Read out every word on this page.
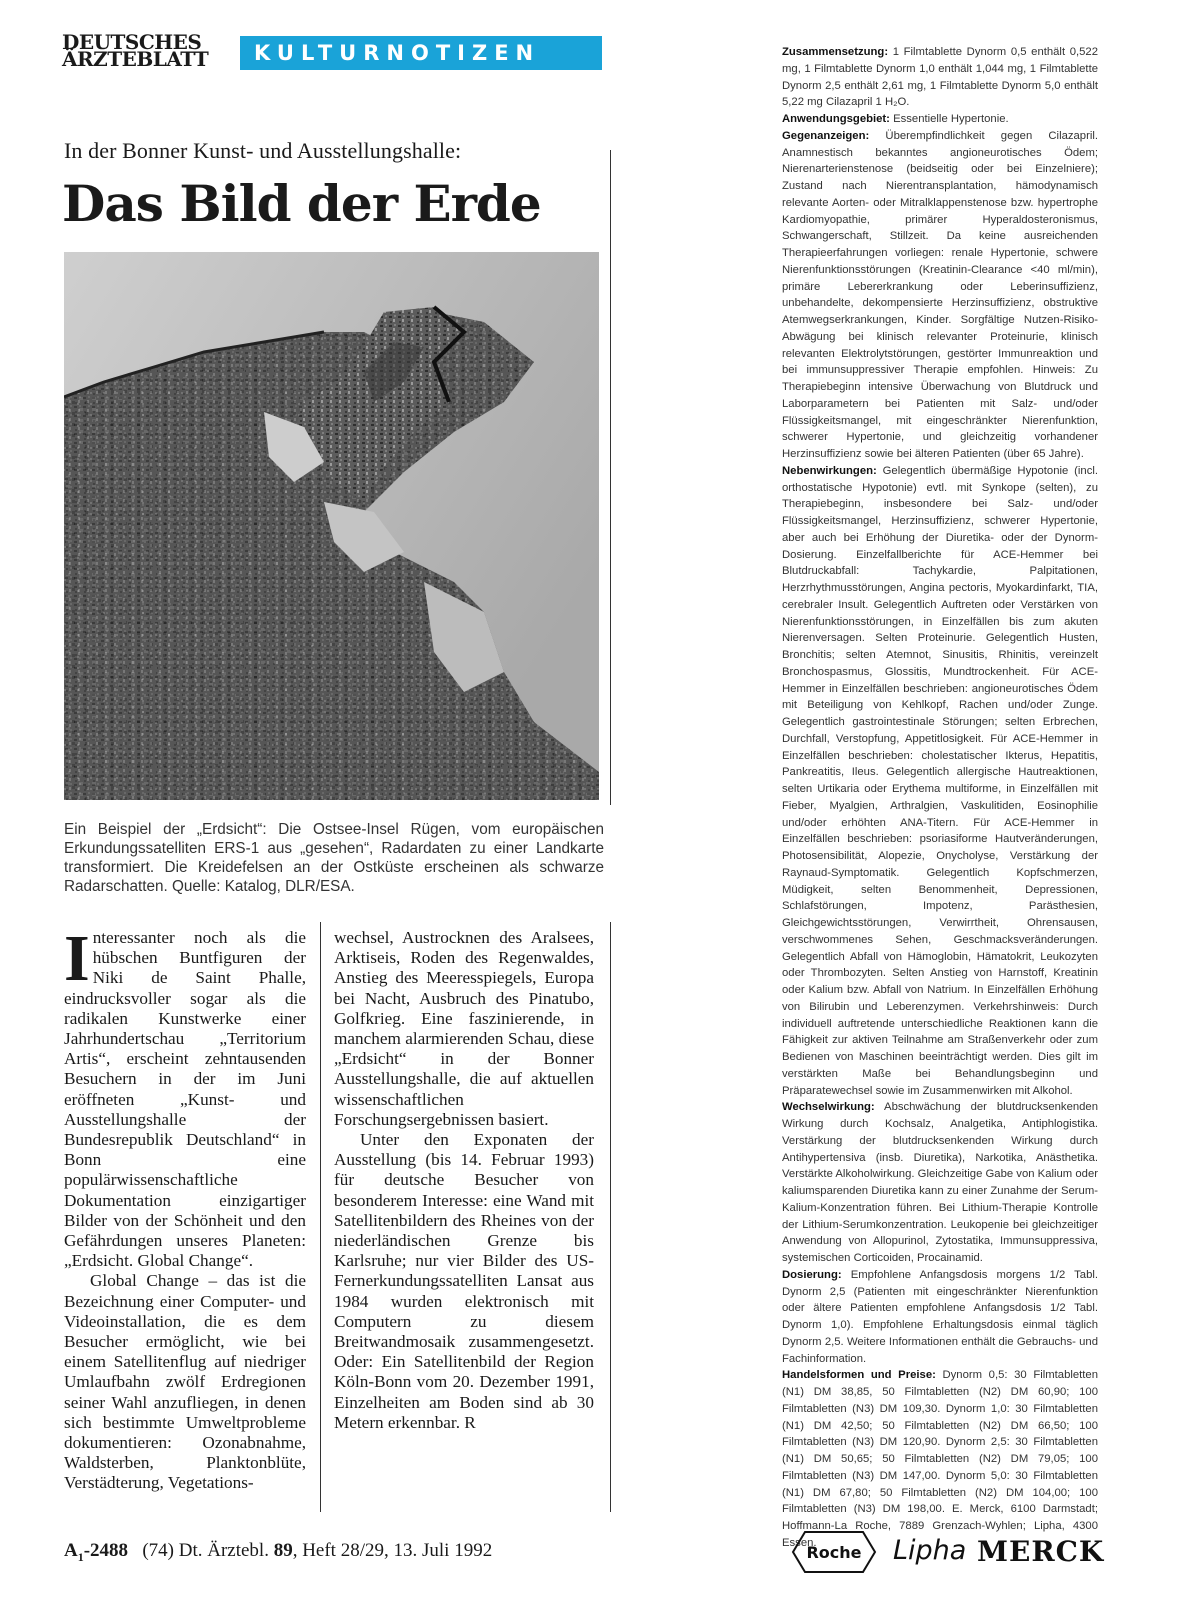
DEUTSCHES
ÄRZTEBLATT	KULTURNOTIZEN
In der Bonner Kunst- und Ausstellungshalle:
Das Bild der Erde
Ein Beispiel der „Erdsicht“: Die Ostsee-Insel Rügen, vom europäischen Erkundungssatelliten ERS-1 aus „gesehen“, Radardaten zu einer Landkarte transformiert. Die Kreidefelsen an der Ostküste erscheinen als schwarze Radarschatten. Quelle: Katalog, DLR/ESA.

Interessanter noch als die hübschen Buntfiguren der Niki de Saint Phalle, eindrucksvoller sogar als die radikalen Kunstwerke einer Jahrhundertschau „Territorium Artis“, erscheint zehntausenden Besuchern in der im Juni eröffneten „Kunst- und Ausstellungshalle der Bundesrepublik Deutschland“ in Bonn eine populärwissenschaftliche Dokumentation einzigartiger Bilder von der Schönheit und den Gefährdungen unseres Planeten: „Erdsicht. Global Change“.

Global Change – das ist die Bezeichnung einer Computer- und Videoinstallation, die es dem Besucher ermöglicht, wie bei einem Satellitenflug auf niedriger Umlaufbahn zwölf Erdregionen seiner Wahl anzufliegen, in denen sich bestimmte Umweltprobleme dokumentieren: Ozonabnahme, Waldsterben, Planktonblüte, Verstädterung, Vegetations-

wechsel, Austrocknen des Aralsees, Arktiseis, Roden des Regenwaldes, Anstieg des Meeresspiegels, Europa bei Nacht, Ausbruch des Pinatubo, Golfkrieg. Eine faszinierende, in manchem alarmierenden Schau, diese „Erdsicht“ in der Bonner Ausstellungshalle, die auf aktuellen wissenschaftlichen Forschungsergebnissen basiert.

Unter den Exponaten der Ausstellung (bis 14. Februar 1993) für deutsche Besucher von besonderem Interesse: eine Wand mit Satellitenbildern des Rheines von der niederländischen Grenze bis Karlsruhe; nur vier Bilder des US-Fernerkundungssatelliten Lansat aus 1984 wurden elektronisch mit Computern zu diesem Breitwandmosaik zusammengesetzt. Oder: Ein Satellitenbild der Region Köln-Bonn vom 20. Dezember 1991, Einzelheiten am Boden sind ab 30 Metern erkennbar. R

$A_1-2488$ (74) Dt. Ärztebl. 89, Heft 28/29, 13. Juli 1992

Zusammensetzung: 1 Filmtablette Dynorm 0,5 enthält 0,522 mg, 1 Filmtablette Dynorm 1,0 enthält 1,044 mg, 1 Filmtablette Dynorm 2,5 enthält 2,61 mg, 1 Filmtablette Dynorm 5,0 enthält 5,22 mg Cilazapril 1 H₂O.

Anwendungsgebiet: Essentielle Hypertonie.

Gegenanzeigen: Überempfindlichkeit gegen Cilazapril. Anamnestisch bekanntes angioneurotisches Ödem; Nierenarterienstenose (beidseitig oder bei Einzelniere); Zustand nach Nierentransplantation, hämodynamisch relevante Aorten- oder Mitralklappenstenose bzw. hypertrophe Kardiomyopathie, primärer Hyperaldosteronismus, Schwangerschaft, Stillzeit. Da keine ausreichenden Therapieerfahrungen vorliegen: renale Hypertonie, schwere Nierenfunktionsstörungen (Kreatinin-Clearance <40 ml/min), primäre Lebererkrankung oder Leberinsuffizienz, unbehandelte, dekompensierte Herzinsuffizienz, obstruktive Atemwegserkrankungen, Kinder. Sorgfältige Nutzen-Risiko-Abwägung bei klinisch relevanter Proteinurie, klinisch relevanten Elektrolytstörungen, gestörter Immunreaktion und bei immunsuppressiver Therapie empfohlen. Hinweis: Zu Therapiebeginn intensive Überwachung von Blutdruck und Laborparametern bei Patienten mit Salz- und/oder Flüssigkeitsmangel, mit eingeschränkter Nierenfunktion, schwerer Hypertonie, und gleichzeitig vorhandener Herzinsuffizienz sowie bei älteren Patienten (über 65 Jahre).

Nebenwirkungen: Gelegentlich übermäßige Hypotonie (incl. orthostatische Hypotonie) evtl. mit Synkope (selten), zu Therapiebeginn, insbesondere bei Salz- und/oder Flüssigkeitsmangel, Herzinsuffizienz, schwerer Hypertonie, aber auch bei Erhöhung der Diuretika- oder der Dynorm-Dosierung. Einzelfallberichte für ACE-Hemmer bei Blutdruckabfall: Tachykardie, Palpitationen, Herzrhythmusstörungen, Angina pectoris, Myokardinfarkt, TIA, cerebraler Insult. Gelegentlich Auftreten oder Verstärken von Nierenfunktionsstörungen, in Einzelfällen bis zum akuten Nierenversagen. Selten Proteinurie. Gelegentlich Husten, Bronchitis; selten Atemnot, Sinusitis, Rhinitis, vereinzelt Bronchospasmus, Glossitis, Mundtrockenheit. Für ACE-Hemmer in Einzelfällen beschrieben: angioneurotisches Ödem mit Beteiligung von Kehlkopf, Rachen und/oder Zunge. Gelegentlich gastrointestinale Störungen; selten Erbrechen, Durchfall, Verstopfung, Appetitlosigkeit. Für ACE-Hemmer in Einzelfällen beschrieben: cholestatischer Ikterus, Hepatitis, Pankreatitis, Ileus. Gelegentlich allergische Hautreaktionen, selten Urtikaria oder Erythema multiforme, in Einzelfällen mit Fieber, Myalgien, Arthralgien, Vaskulitiden, Eosinophilie und/oder erhöhten ANA-Titern. Für ACE-Hemmer in Einzelfällen beschrieben: psoriasiforme Hautveränderungen, Photosensibilität, Alopezie, Onycholyse, Verstärkung der Raynaud-Symptomatik. Gelegentlich Kopfschmerzen, Müdigkeit, selten Benommenheit, Depressionen, Schlafstörungen, Impotenz, Parästhesien, Gleichgewichtsstörungen, Verwirrtheit, Ohrensausen, verschwommenes Sehen, Geschmacksveränderungen. Gelegentlich Abfall von Hämoglobin, Hämatokrit, Leukozyten oder Thrombozyten. Selten Anstieg von Harnstoff, Kreatinin oder Kalium bzw. Abfall von Natrium. In Einzelfällen Erhöhung von Bilirubin und Leberenzymen. Verkehrshinweis: Durch individuell auftretende unterschiedliche Reaktionen kann die Fähigkeit zur aktiven Teilnahme am Straßenverkehr oder zum Bedienen von Maschinen beeinträchtigt werden. Dies gilt im verstärkten Maße bei Behandlungsbeginn und Präparatewechsel sowie im Zusammenwirken mit Alkohol.

Wechselwirkung: Abschwächung der blutdrucksenkenden Wirkung durch Kochsalz, Analgetika, Antiphlogistika. Verstärkung der blutdrucksenkenden Wirkung durch Antihypertensiva (insb. Diuretika), Narkotika, Anästhetika. Verstärkte Alkoholwirkung. Gleichzeitige Gabe von Kalium oder kaliumsparenden Diuretika kann zu einer Zunahme der Serum-Kalium-Konzentration führen. Bei Lithium-Therapie Kontrolle der Lithium-Serumkonzentration. Leukopenie bei gleichzeitiger Anwendung von Allopurinol, Zytostatika, Immunsuppressiva, systemischen Corticoiden, Procainamid.

Dosierung: Empfohlene Anfangsdosis morgens 1/2 Tabl. Dynorm 2,5 (Patienten mit eingeschränkter Nierenfunktion oder ältere Patienten empfohlene Anfangsdosis 1/2 Tabl. Dynorm 1,0). Empfohlene Erhaltungsdosis einmal täglich Dynorm 2,5. Weitere Informationen enthält die Gebrauchs- und Fachinformation.

Handelsformen und Preise: Dynorm 0,5: 30 Filmtabletten (N1) DM 38,85, 50 Filmtabletten (N2) DM 60,90; 100 Filmtabletten (N3) DM 109,30. Dynorm 1,0: 30 Filmtabletten (N1) DM 42,50; 50 Filmtabletten (N2) DM 66,50; 100 Filmtabletten (N3) DM 120,90. Dynorm 2,5: 30 Filmtabletten (N1) DM 50,65; 50 Filmtabletten (N2) DM 79,05; 100 Filmtabletten (N3) DM 147,00. Dynorm 5,0: 30 Filmtabletten (N1) DM 67,80; 50 Filmtabletten (N2) DM 104,00; 100 Filmtabletten (N3) DM 198,00. E. Merck, 6100 Darmstadt; Hoffmann-La Roche, 7889 Grenzach-Wyhlen; Lipha, 4300 Essen.

Roche Lipha MERCK
